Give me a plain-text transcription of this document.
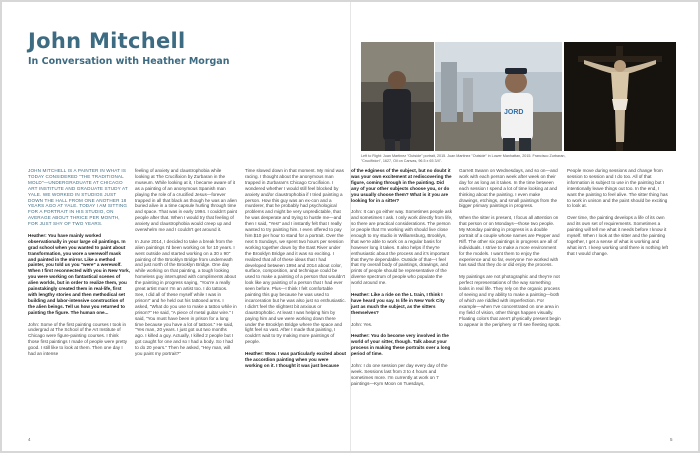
John Mitchell
In Conversation with Heather Morgan

JOHN MITCHELL IS A PAINTER IN WHAT IS TODAY CONSIDERED "THE TRADITIONAL MOLD"—UNDERGRADUATE AT CHICAGO ART INSTITUTE AND GRADUATE STUDY AT YALE. WE WORKED IN STUDIOS JUST DOWN THE HALL FROM ONE ANOTHER 18 YEARS AGO AT YALE. TODAY I AM SITTING FOR A PORTRAIT IN HIS STUDIO, ON AVERAGE ABOUT THRICE PER MONTH, FOR JUST SHY OF TWO YEARS.

Heather: You have mainly worked observationally in your large oil paintings. In grad school when you wanted to paint about transformation, you wore a werewolf mask and painted in the mirror. Like a method painter, you told us you "were" a werewolf. When I first reconnected with you in New York, you were working on fantastical scenes of alien worlds, but in order to realize them, you painstakingly created them in real-life, first with lengthy stories and then methodical set building and labor-intensive construction of the alien beings. Tell us how you returned to painting the figure. The human one...

John: Some of the first painting courses I took in undergrad at The School of the Art Institute of Chicago were figure-painting courses. I think those first paintings I made of people were pretty good. I still like to look at them. Then one day I had an intense

feeling of anxiety and claustrophobia while looking at The Crucifixion by Zurbaran in the museum. While looking at it, I became aware of it as a painting of an anonymous Spanish man playing the role of a crucified Jesus—forever trapped in all that black as though he was an alien buried alive in a time capsule hurling through time and space. That was in early 1994. I couldn't paint people after that. When I would try that feeling of anxiety and claustrophobia would creep up and overwhelm me and I couldn't get around it.

In June 2014, I decided to take a break from the alien paintings I'd been working on for 10 years. I went outside and started working on a 30 x 90" painting of the Brooklyn Bridge from underneath and just north of the Brooklyn Bridge. One day while working on that painting, a tough looking homeless guy interrupted with compliments about the painting in progress saying, "You're a really great artist man! I'm an artist too. I do tattoos. See, I did all of these myself while I was in prison!" and he held out his tattooed arms. I asked, "What do you use to make a tattoo while in prison?" He said, "A piece of metal guitar wire." I said, "You must have been in prison for a long time because you have a lot of tattoos." He said, "Yes man, 20 years. I just got out two months ago. I killed a guy. Actually, I killed 2 people but I got caught for one and so I had a body. So I had to do 20 years." Then he asked, "Hey man, will you paint my portrait?"

Time slowed down in that moment. My mind was racing. I thought about the anonymous man trapped in Zurbaran's Chicago Crucifixion. I wondered whether I would still feel blocked by anxiety and/or claustrophobia if I tried painting a person. How this guy was an ex-con and a murderer, that he probably had psychological problems and might be very unpredictable, that he was desperate and trying to hustle me—and then I said, "Yes!" and I instantly felt that I really wanted to try painting him. I even offered to pay him $10 per hour to stand for a portrait. Over the next 5 Sundays, we spent two hours per session working together down by the East River under the Brooklyn Bridge and it was so exciting. I realized that all of these ideas that I had developed between 1994 and 2014 about color, surface, composition, and technique could be used to make a painting of a person that wouldn't look like any painting of a person that I had ever seen before. Plus—I think I felt comfortable painting this guy because he was used to incarceration but he was also just so enthusiastic. I didn't feel the slightest bit anxious or claustrophobic. At least I was helping him by paying him and we were working down there under the Brooklyn Bridge where the space and light feel so vast. After I made that painting, I couldn't wait to try making more paintings of people.

Heather: Wow. I was particularly excited about the accordion painting when you were working on it. I thought it was just because

JORD
Left to Right: Juan Martinez "Outside" portrait, 2015. Juan Martinez "Outside" in Lower Manhattan, 2015. Francisco Zurbaran, "Crucifixion", 1627, Oil on Canvas, 96.5 x 65 3/4".

of the edginess of the subject, but no doubt it was your own excitement at rediscovering the figure, coming through in the painting. Did any of your other subjects choose you, or do you usually choose them? What is it you are looking for in a sitter?

John: It can go either way. Sometimes people ask and sometimes I ask. I only work directly from life, so there are practical considerations. The person or people that I'm working with should live close enough to my studio in Williamsburg, Brooklyn, that we're able to work on a regular basis for however long it takes. It also helps if they're enthusiastic about the process and it's important that they're dependable. Outside of that—I feel that my overall body of paintings, drawings, and prints of people should be representative of the diverse spectrum of people who populate the world around me.

Heather: Like a ride on the L train, I think I have heard you say. Is life in New York City just as much the subject, as the sitters themselves?

John: Yes.

Heather: You do become very involved in the world of your sitter, though. Talk about your process in making these portraits over a long period of time.

John: I do one session per day every day of the week. Sessions last from 3 to 4 hours and sometimes more. I'm currently at work on 7 paintings—Kym Moon on Tuesdays,

Garrett Swann on Wednesdays, and so on—and work with each person week after week on their day for as long as it takes. In the time between each session I spend a lot of time looking at and thinking about the painting. I even make drawings, etchings, and small paintings from the bigger primary paintings in progress.

When the sitter is present, I focus all attention on that person or on Mondays—those two people. My Monday painting in progress is a double portrait of a couple whose names are Pepper and Riff. The other six paintings in progress are all of individuals. I strive to make a more environment for the models. I want them to enjoy the experience and so far, everyone I've worked with has said that they do or did enjoy the process.

My paintings are not photographic and they're not perfect representations of the way something looks in real life. They rely on the organic process of seeing and my ability to make a painting—both of which are riddled with imperfection. For example—when I've concentrated on one area in my field of vision, other things happen visually. Floating colors that aren't physically present begin to appear in the periphery or I'll see fleeting spots.

People move during sessions and change from session to session and I do too. All of that information is subject to use in the painting but I intentionally leave things out too. In the end, I want the painting to feel alive. The sitter thing has to work in unison and the paint should be exciting to look at.

Over time, the painting develops a life of its own and its own set of requirements. Sometimes a painting will tell me what it needs before I know it myself. When I look at the sitter and the painting together, I get a sense of what is working and what isn't. I keep working until there is nothing left that I would change.

4	5
